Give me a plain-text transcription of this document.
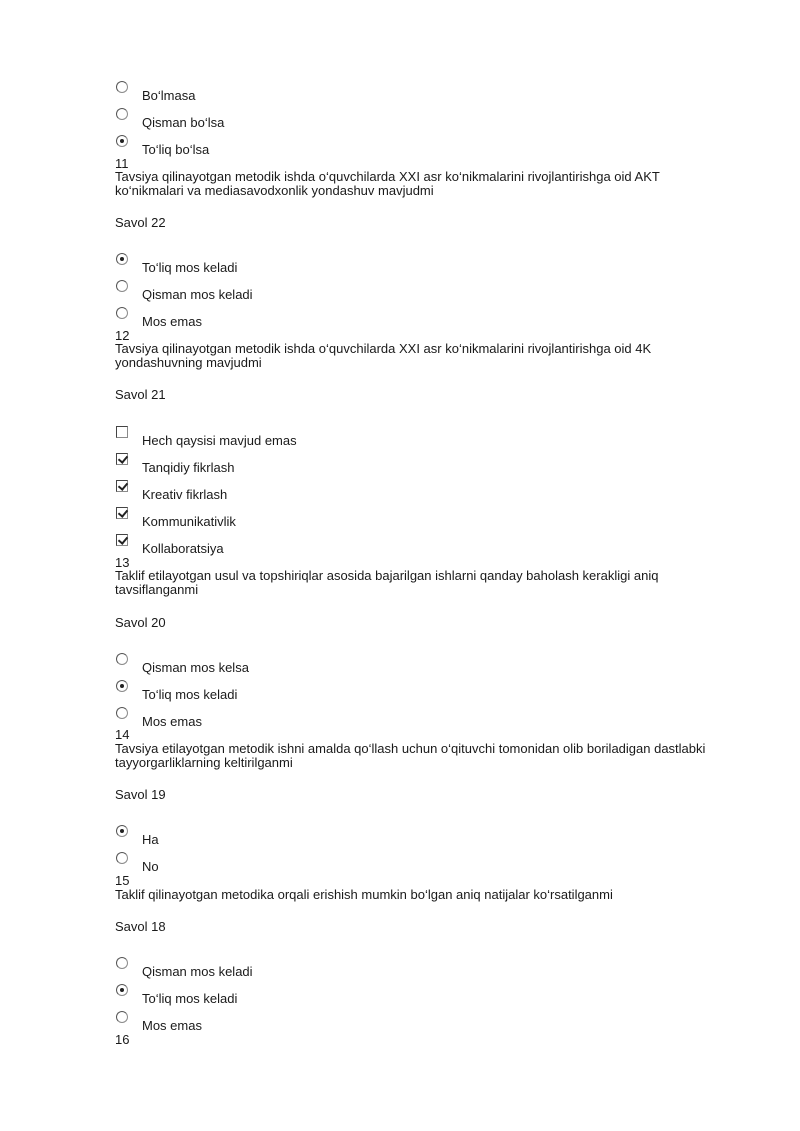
Bo‘lmasa
Qisman bo‘lsa
To‘liq bo‘lsa
11
Tavsiya qilinayotgan metodik ishda o‘quvchilarda XXI asr ko‘nikmalarini rivojlantirishga oid AKT ko‘nikmalari va mediasavodxonlik yondashuv mavjudmi
Savol 22
To‘liq mos keladi
Qisman mos keladi
Mos emas
12
Tavsiya qilinayotgan metodik ishda o‘quvchilarda XXI asr ko‘nikmalarini rivojlantirishga oid 4K yondashuvning mavjudmi
Savol 21
Hech qaysisi mavjud emas
Tanqidiy fikrlash
Kreativ fikrlash
Kommunikativlik
Kollaboratsiya
13
Taklif etilayotgan usul va topshiriqlar asosida bajarilgan ishlarni qanday baholash kerakligi aniq tavsiflanganmi
Savol 20
Qisman mos kelsa
To‘liq mos keladi
Mos emas
14
Tavsiya etilayotgan metodik ishni amalda qo‘llash uchun o‘qituvchi tomonidan olib boriladigan dastlabki tayyorgarliklarning keltirilganmi
Savol 19
Ha
No
15
Taklif qilinayotgan metodika orqali erishish mumkin bo‘lgan aniq natijalar ko‘rsatilganmi
Savol 18
Qisman mos keladi
To‘liq mos keladi
Mos emas
16
